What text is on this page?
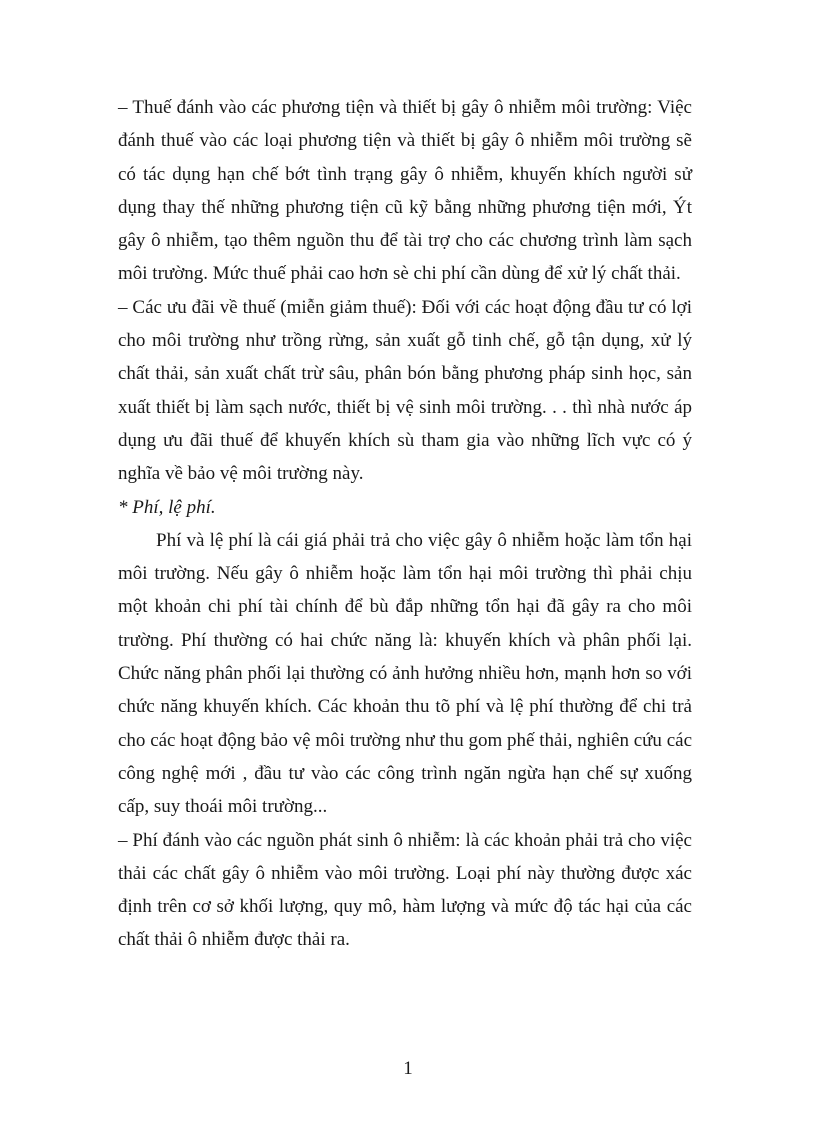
– Thuế đánh vào các phương tiện và thiết bị gây ô nhiễm môi trường: Việc đánh thuế vào các loại phương tiện và thiết bị gây ô nhiễm môi trường sẽ có tác dụng hạn chế bớt tình trạng gây ô nhiễm, khuyến khích người sử dụng thay thế những phương tiện cũ kỹ bằng những phương tiện mới, Ýt gây ô nhiễm, tạo thêm nguồn thu để tài trợ cho các chương trình làm sạch môi trường. Mức thuế phải cao hơn sè chi phí cần dùng để xử lý chất thải.

– Các ưu đãi về thuế (miễn giảm thuế): Đối với các hoạt động đầu tư có lợi cho môi trường như trồng rừng, sản xuất gỗ tinh chế, gỗ tận dụng, xử lý chất thải, sản xuất chất trừ sâu, phân bón bằng phương pháp sinh học, sản xuất thiết bị làm sạch nước, thiết bị vệ sinh môi trường. . . thì nhà nước áp dụng ưu đãi thuế để khuyến khích sù tham gia vào những lĩch vực có ý nghĩa về bảo vệ môi trường này.

* Phí, lệ phí.

Phí và lệ phí là cái giá phải trả cho việc gây ô nhiễm hoặc làm tổn hại môi trường. Nếu gây ô nhiễm hoặc làm tổn hại môi trường thì phải chịu một khoản chi phí tài chính để bù đắp những tổn hại đã gây ra cho môi trường. Phí thường có hai chức năng là: khuyến khích và phân phối lại. Chức năng phân phối lại thường có ảnh hưởng nhiều hơn, mạnh hơn so với chức năng khuyến khích. Các khoản thu tõ phí và lệ phí thường để chi trả cho các hoạt động bảo vệ môi trường như thu gom phế thải, nghiên cứu các công nghệ mới , đầu tư vào các công trình ngăn ngừa hạn chế sự xuống cấp, suy thoái môi trường...

– Phí đánh vào các nguồn phát sinh ô nhiễm: là các khoản phải trả cho việc thải các chất gây ô nhiễm vào môi trường. Loại phí này thường được xác định trên cơ sở khối lượng, quy mô, hàm lượng và mức độ tác hại của các chất thải ô nhiễm được thải ra.

1
